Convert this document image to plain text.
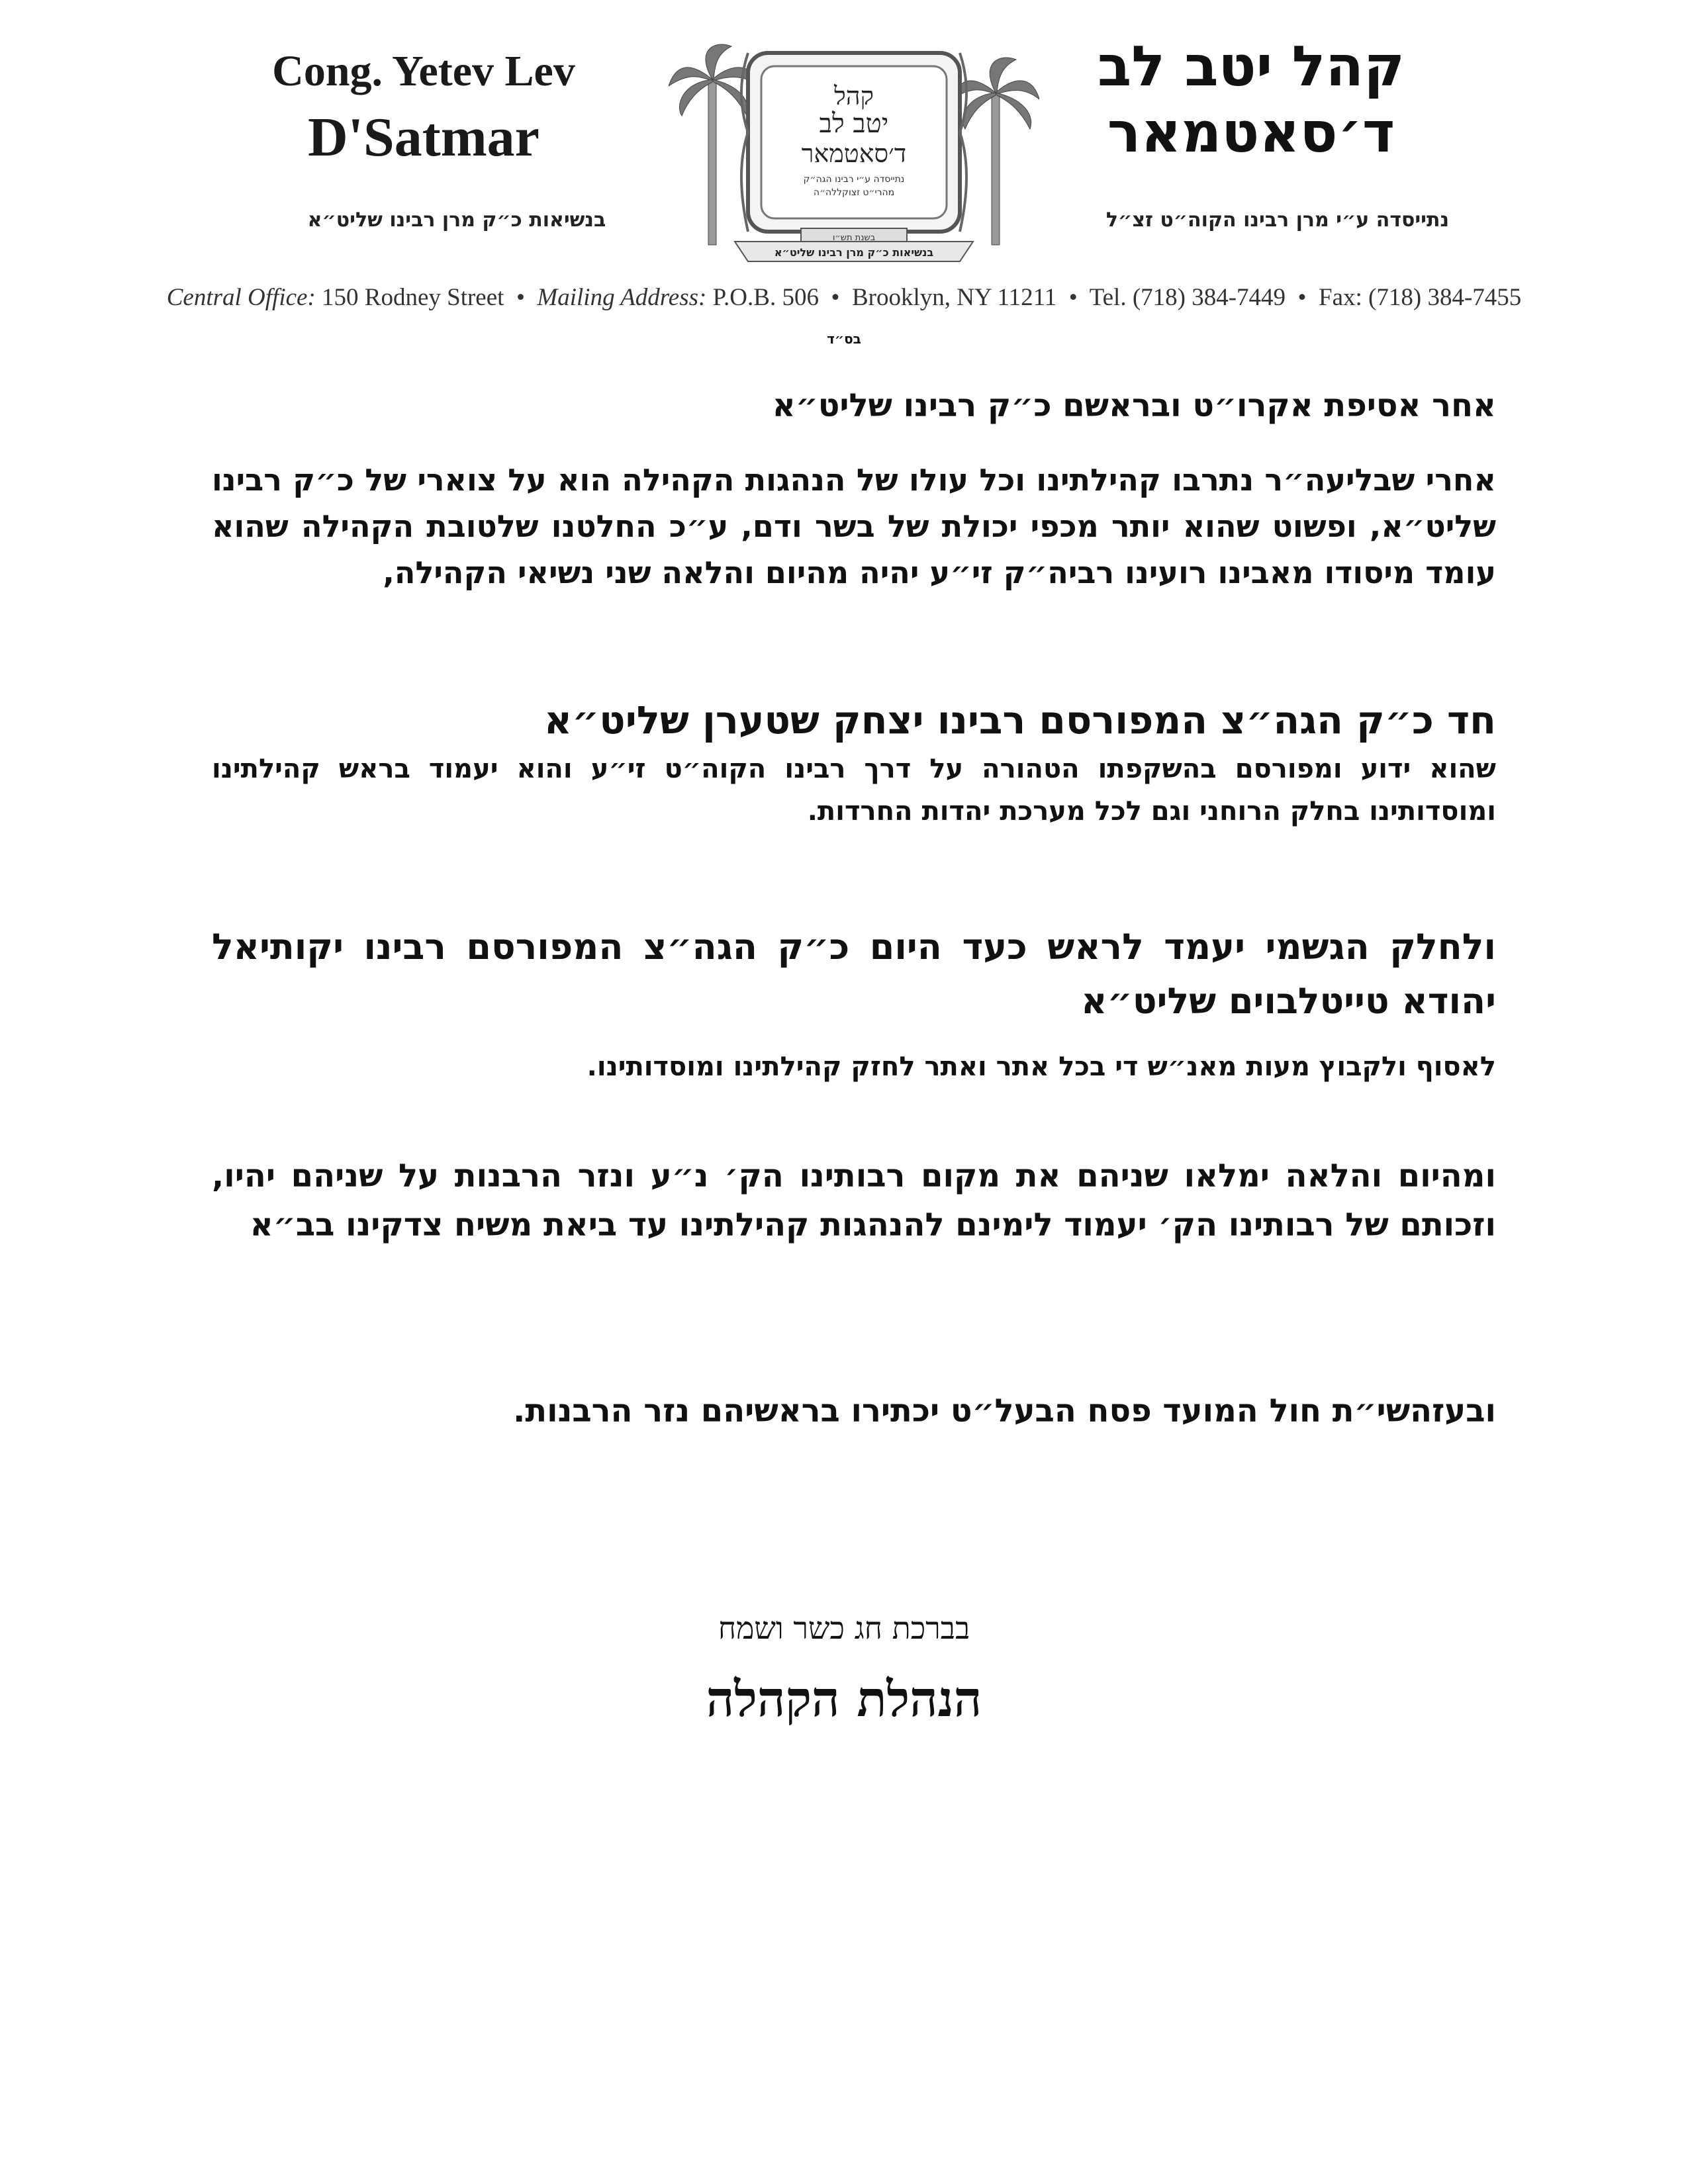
Cong. Yetev Lev
D'Satmar
קהל יטב לב
ד׳סאטמאר
בנשיאות כ״ק מרן רבינו שליט״א	נתייסדה ע״י מרן רבינו הקוה״ט זצ״ל
קהל
יטב לב
ד׳סאטמאר
נתייסדה ע״י רבינו הגה״ק
מהרי״ט זצוקללה״ה
בשנת תש״ו
בנשיאות כ״ק מרן רבינו שליט״א
Central Office: 150 Rodney Street • Mailing Address: P.O.B. 506 • Brooklyn, NY 11211 • Tel. (718) 384-7449 • Fax: (718) 384-7455
בס״ד
אחר אסיפת אקרו״ט ובראשם כ״ק רבינו שליט״א
אחרי שבליעה״ר נתרבו קהילתינו וכל עולו של הנהגות הקהילה הוא על צוארי של כ״ק רבינו שליט״א, ופשוט שהוא יותר מכפי יכולת של בשר ודם, ע״כ החלטנו שלטובת הקהילה שהוא עומד מיסודו מאבינו רועינו רביה״ק זי״ע יהיה מהיום והלאה שני נשיאי הקהילה,
חד כ״ק הגה״צ המפורסם רבינו יצחק שטערן שליט״א
שהוא ידוע ומפורסם בהשקפתו הטהורה על דרך רבינו הקוה״ט זי״ע והוא יעמוד בראש קהילתינו ומוסדותינו בחלק הרוחני וגם לכל מערכת יהדות החרדות.
ולחלק הגשמי יעמד לראש כעד היום כ״ק הגה״צ המפורסם רבינו יקותיאל יהודא טייטלבוים שליט״א
לאסוף ולקבוץ מעות מאנ״ש די בכל אתר ואתר לחזק קהילתינו ומוסדותינו.
ומהיום והלאה ימלאו שניהם את מקום רבותינו הק׳ נ״ע ונזר הרבנות על שניהם יהיו, וזכותם של רבותינו הק׳ יעמוד לימינם להנהגות קהילתינו עד ביאת משיח צדקינו בב״א
ובעזהשי״ת חול המועד פסח הבעל״ט יכתירו בראשיהם נזר הרבנות.
בברכת חג כשר ושמח
הנהלת הקהלה
